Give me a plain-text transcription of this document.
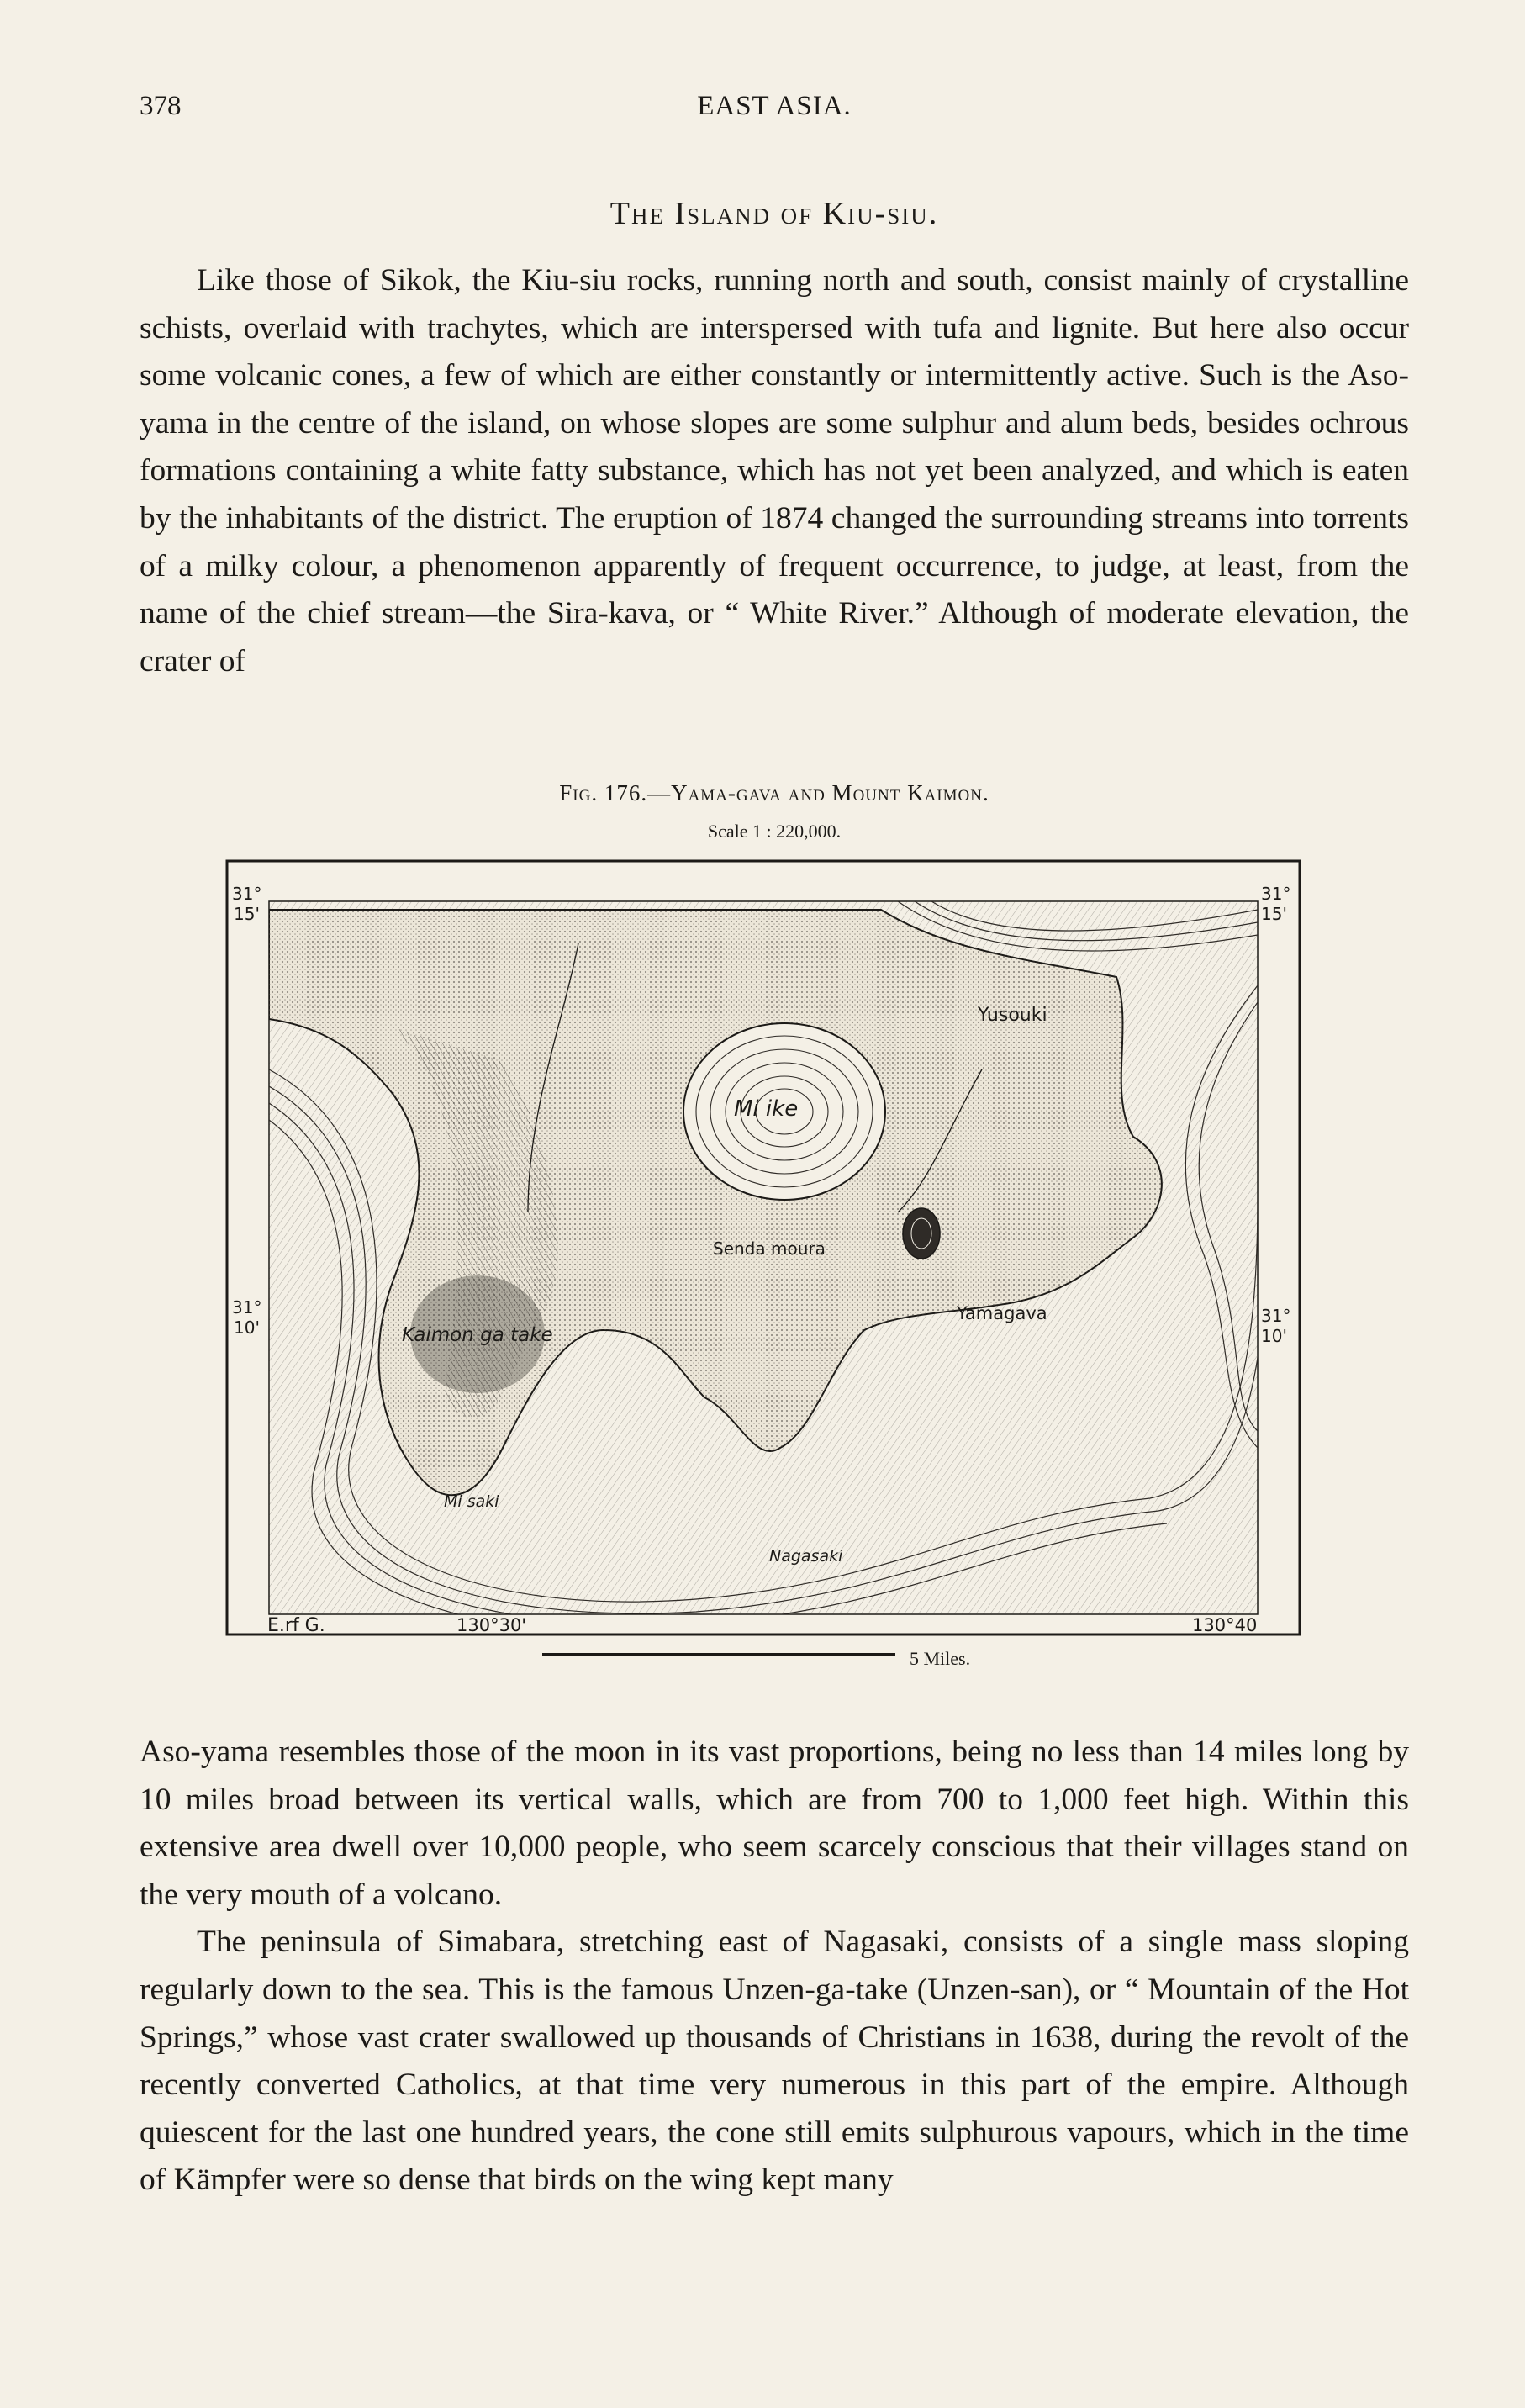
378	EAST ASIA.
The Island of Kiu-siu.

Like those of Sikok, the Kiu-siu rocks, running north and south, consist mainly of crystalline schists, overlaid with trachytes, which are interspersed with tufa and lignite. But here also occur some volcanic cones, a few of which are either constantly or intermittently active. Such is the Aso-yama in the centre of the island, on whose slopes are some sulphur and alum beds, besides ochrous formations containing a white fatty substance, which has not yet been analyzed, and which is eaten by the inhabitants of the district. The eruption of 1874 changed the surrounding streams into torrents of a milky colour, a phenomenon apparently of frequent occurrence, to judge, at least, from the name of the chief stream—the Sira-kava, or “ White River.” Although of moderate elevation, the crater of

Fig. 176.—Yama-gava and Mount Kaimon.
Scale 1 : 220,000.
Yusouki
Mi ike
Senda moura
Yamagava
Kaimon ga take
Mi saki
Nagasaki
31°
15'
31°
15'
31°
10'
31°
10'
130°30'	130°40
E.rf G.
5 Miles.

Aso-yama resembles those of the moon in its vast proportions, being no less than 14 miles long by 10 miles broad between its vertical walls, which are from 700 to 1,000 feet high. Within this extensive area dwell over 10,000 people, who seem scarcely conscious that their villages stand on the very mouth of a volcano.

The peninsula of Simabara, stretching east of Nagasaki, consists of a single mass sloping regularly down to the sea. This is the famous Unzen-ga-take (Unzen-san), or “ Mountain of the Hot Springs,” whose vast crater swallowed up thousands of Christians in 1638, during the revolt of the recently converted Catholics, at that time very numerous in this part of the empire. Although quiescent for the last one hundred years, the cone still emits sulphurous vapours, which in the time of Kämpfer were so dense that birds on the wing kept many
